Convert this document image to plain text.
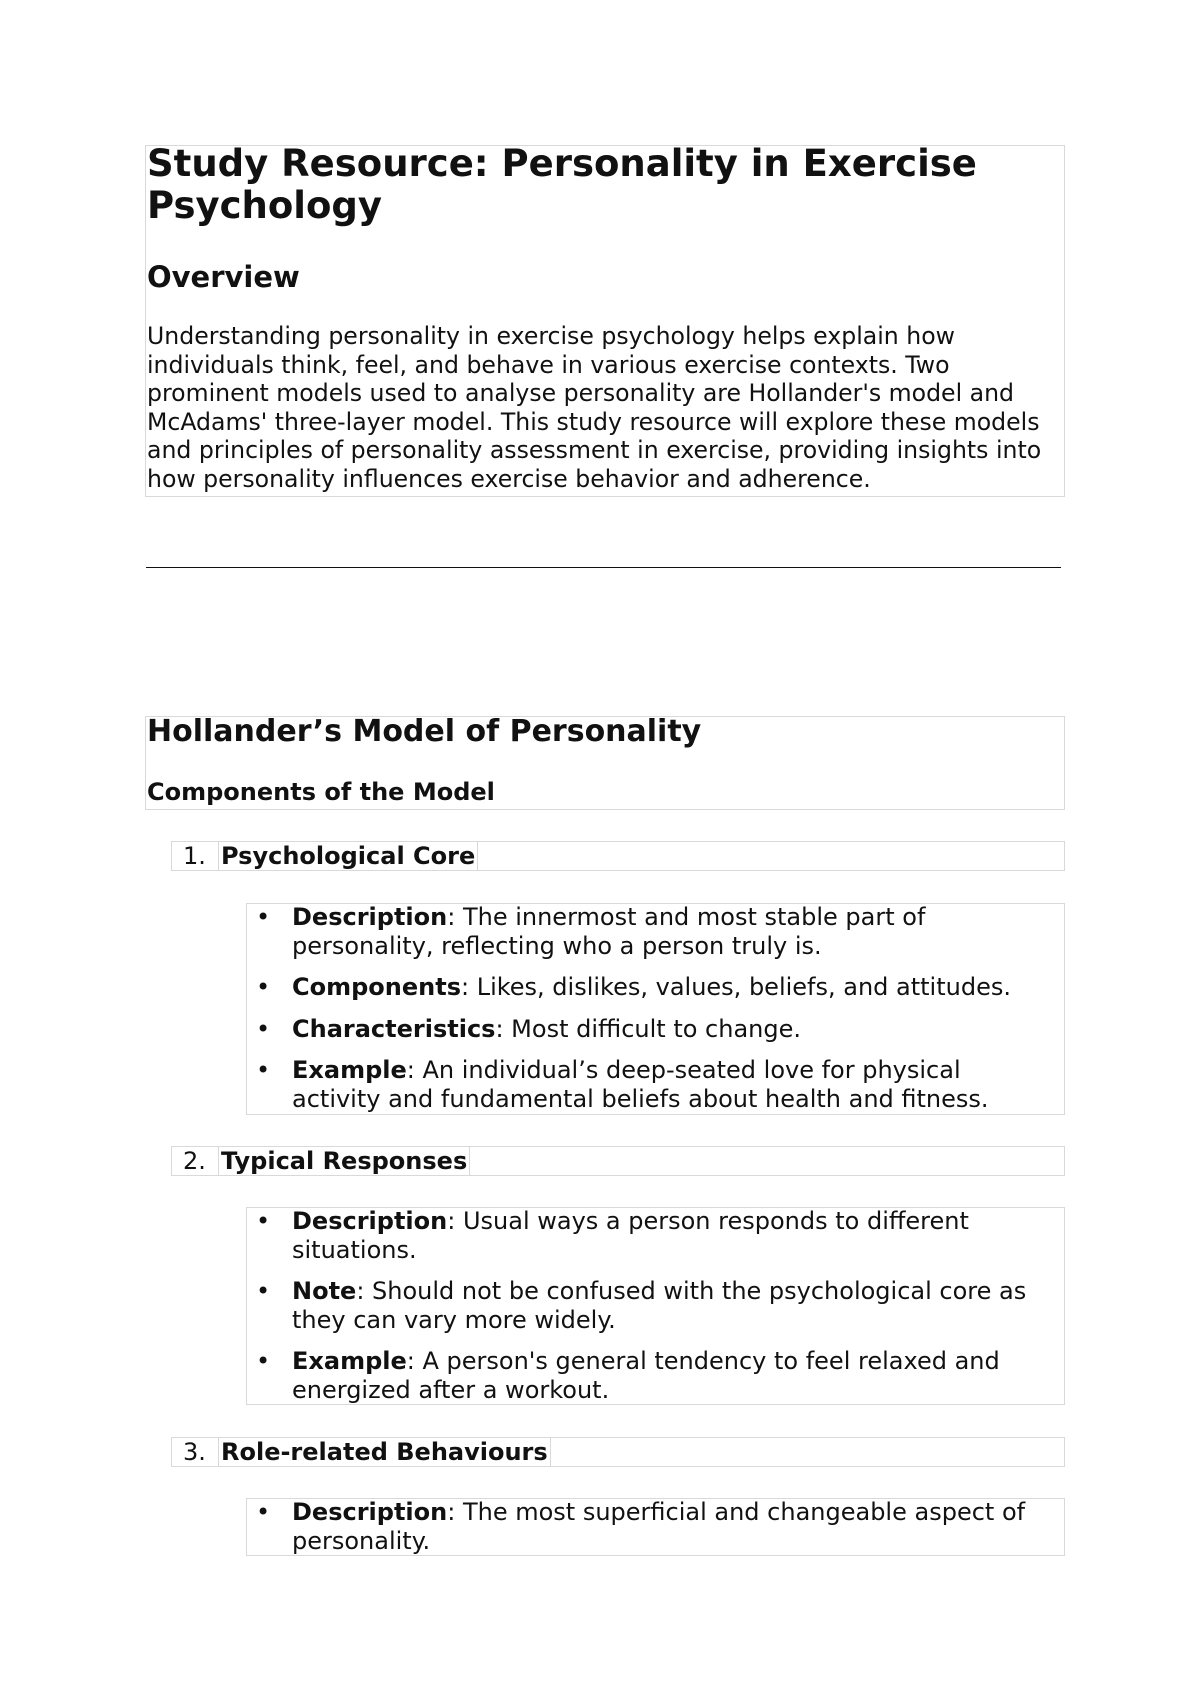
Study Resource: Personality in Exercise Psychology
Overview

Understanding personality in exercise psychology helps explain how individuals think, feel, and behave in various exercise contexts. Two prominent models used to analyse personality are Hollander's model and McAdams' three-layer model. This study resource will explore these models and principles of personality assessment in exercise, providing insights into how personality influences exercise behavior and adherence.

Hollander’s Model of Personality
Components of the Model
1. Psychological Core
• Description: The innermost and most stable part of personality, reflecting who a person truly is.
• Components: Likes, dislikes, values, beliefs, and attitudes.
• Characteristics: Most difficult to change.
• Example: An individual’s deep-seated love for physical activity and fundamental beliefs about health and fitness.
2. Typical Responses
• Description: Usual ways a person responds to different situations.
• Note: Should not be confused with the psychological core as they can vary more widely.
• Example: A person's general tendency to feel relaxed and energized after a workout.
3. Role-related Behaviours
• Description: The most superficial and changeable aspect of personality.
